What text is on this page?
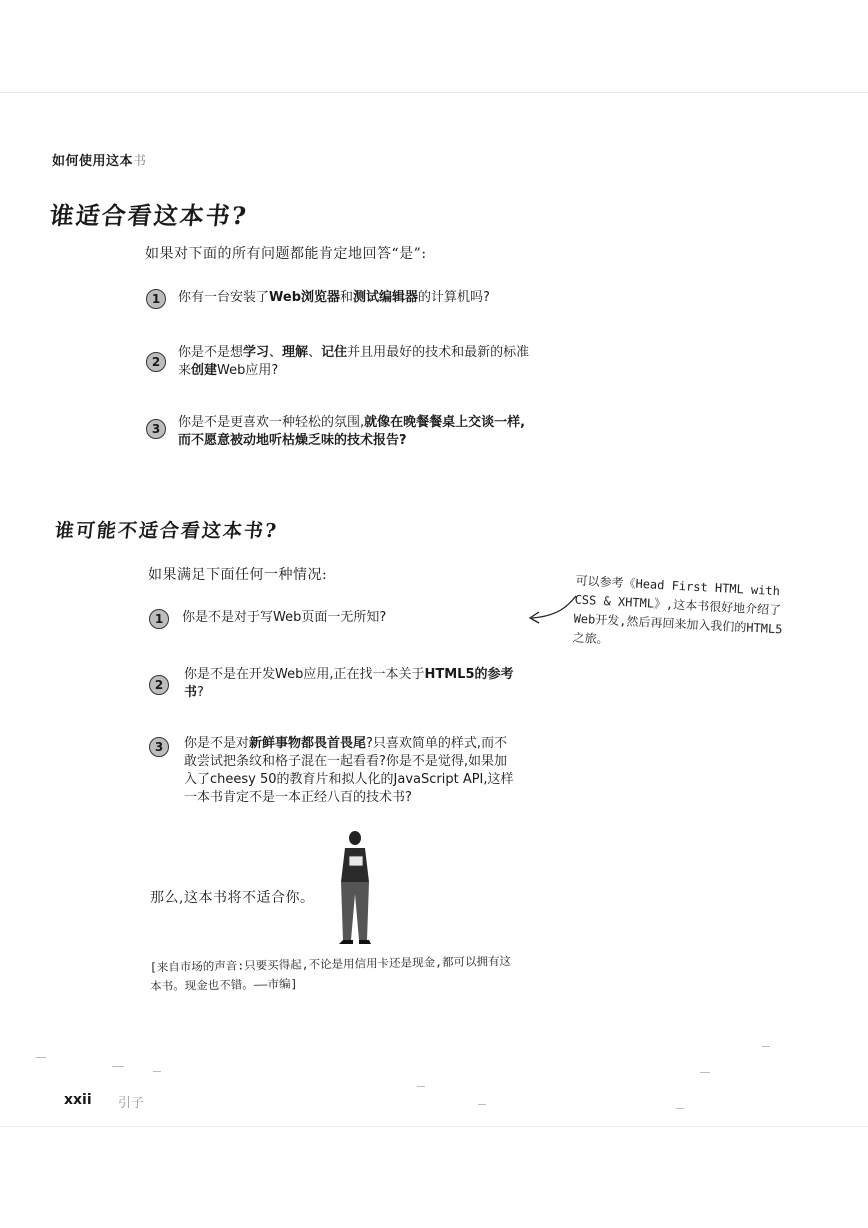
如何使用这本书
谁适合看这本书?
如果对下面的所有问题都能肯定地回答“是”:
1	你有一台安装了Web浏览器和测试编辑器的计算机吗?
2
你是不是想学习、理解、记住并且用最好的技术和最新的标准来创建Web应用?
3	你是不是更喜欢一种轻松的氛围,就像在晚餐餐桌上交谈一样,而不愿意被动地听枯燥乏味的技术报告?
谁可能不适合看这本书?
如果满足下面任何一种情况:
1	你是不是对于写Web页面一无所知?
2
你是不是在开发Web应用,正在找一本关于HTML5的参考书?
3	你是不是对新鲜事物都畏首畏尾?只喜欢简单的样式,而不敢尝试把条纹和格子混在一起看看?你是不是觉得,如果加入了cheesy 50的教育片和拟人化的JavaScript API,这样一本书肯定不是一本正经八百的技术书?
可以参考《Head First HTML with CSS & XHTML》,这本书很好地介绍了Web开发,然后再回来加入我们的HTML5之旅。
那么,这本书将不适合你。
[来自市场的声音:只要买得起,不论是用信用卡还是现金,都可以拥有这本书。现金也不错。——市编]
xxii 引子
